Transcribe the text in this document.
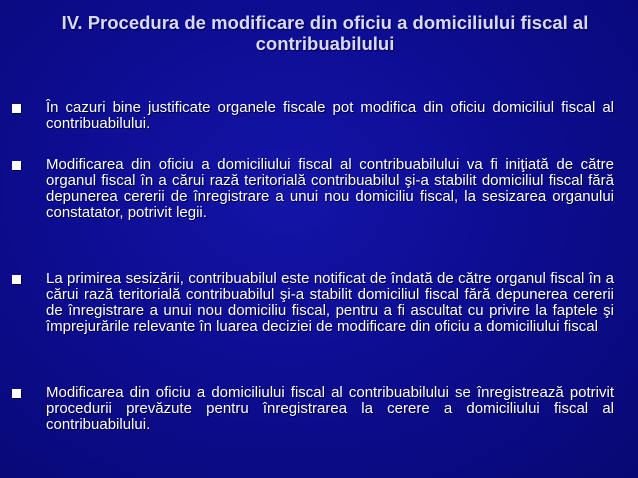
IV. Procedura de modificare din oficiu a domiciliului fiscal al contribuabilului

În cazuri bine justificate organele fiscale pot modifica din oficiu domiciliul fiscal al contribuabilului.

Modificarea din oficiu a domiciliului fiscal al contribuabilului va fi iniţiată de către organul fiscal în a cărui rază teritorială contribuabilul şi-a stabilit domiciliul fiscal fără depunerea cererii de înregistrare a unui nou domiciliu fiscal, la sesizarea organului constatator, potrivit legii.

La primirea sesizării, contribuabilul este notificat de îndată de către organul fiscal în a cărui rază teritorială contribuabilul şi-a stabilit domiciliul fiscal fără depunerea cererii de înregistrare a unui nou domiciliu fiscal, pentru a fi ascultat cu privire la faptele şi împrejurările relevante în luarea deciziei de modificare din oficiu a domiciliului fiscal

Modificarea din oficiu a domiciliului fiscal al contribuabilului se înregistrează potrivit procedurii prevăzute pentru înregistrarea la cerere a domiciliului fiscal al contribuabilului.
